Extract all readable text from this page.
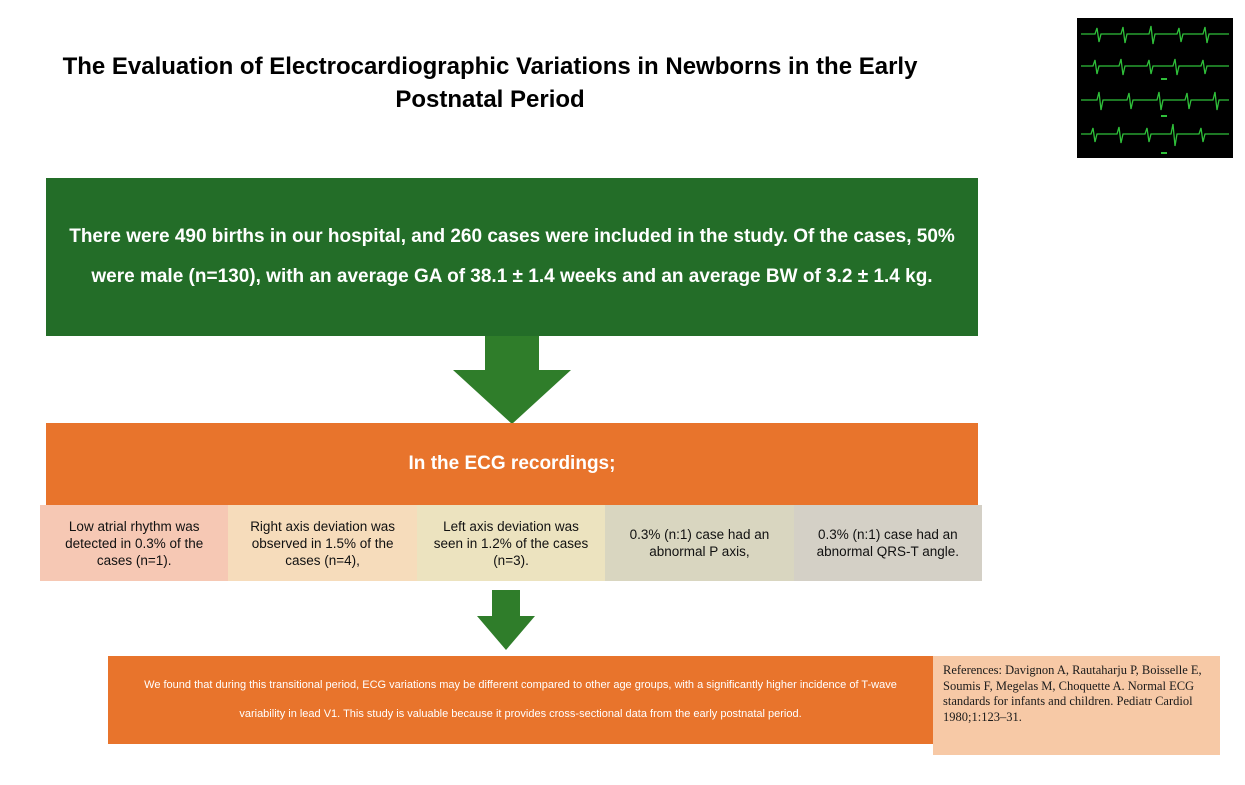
The Evaluation of Electrocardiographic Variations in Newborns in the Early Postnatal Period
There were 490 births in our hospital, and 260 cases were included in the study. Of the cases, 50% were male (n=130), with an average GA of 38.1 ± 1.4 weeks and an average BW of 3.2 ± 1.4 kg.
In the ECG recordings;
Low atrial rhythm was detected in 0.3% of the cases (n=1).
Right axis deviation was observed in 1.5% of the cases (n=4),
Left axis deviation was seen in 1.2% of the cases (n=3).
0.3% (n:1) case had an abnormal P axis,
0.3% (n:1) case had an abnormal QRS-T angle.
We found that during this transitional period, ECG variations may be different compared to other age groups, with a significantly higher incidence of T-wave variability in lead V1. This study is valuable because it provides cross-sectional data from the early postnatal period.
References: Davignon A, Rautaharju P, Boisselle E, Soumis F, Megelas M, Choquette A. Normal ECG standards for infants and children. Pediatr Cardiol 1980;1:123–31.
